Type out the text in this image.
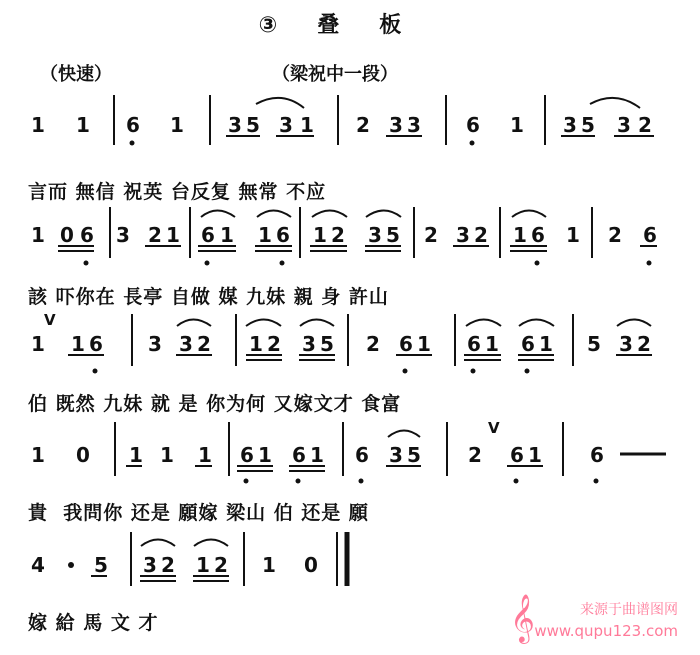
③叠板
（快速）	（梁祝中一段）
1 1 6 1 3 5 3 1 2 3 3 6 1 3 5 3 2
1 0 6 3 2 1 6 1 1 6 1 2 3 5 2 3 2 1 6 1 2 6
1
V
1 6 3 3 2 1 2 3 5 2 6 1 6 1 6 1 5 3 2
1 0 1 1 1 6 1 6 1 6 3 5 2
V
6 1 6
4 5 3 2 1 2 1 0
言而 無信 祝英 台反复 無常 不应
該 吓你在 長亭 自做 媒 九妹 親 身 許山
伯 既然 九妹 就 是 你为何 又嫁文才 食富
貴  我問你 还是 願嫁 梁山 伯 还是 願
嫁 給 馬 文 才	𝄞	来源于曲谱图网
www.qupu123.com
